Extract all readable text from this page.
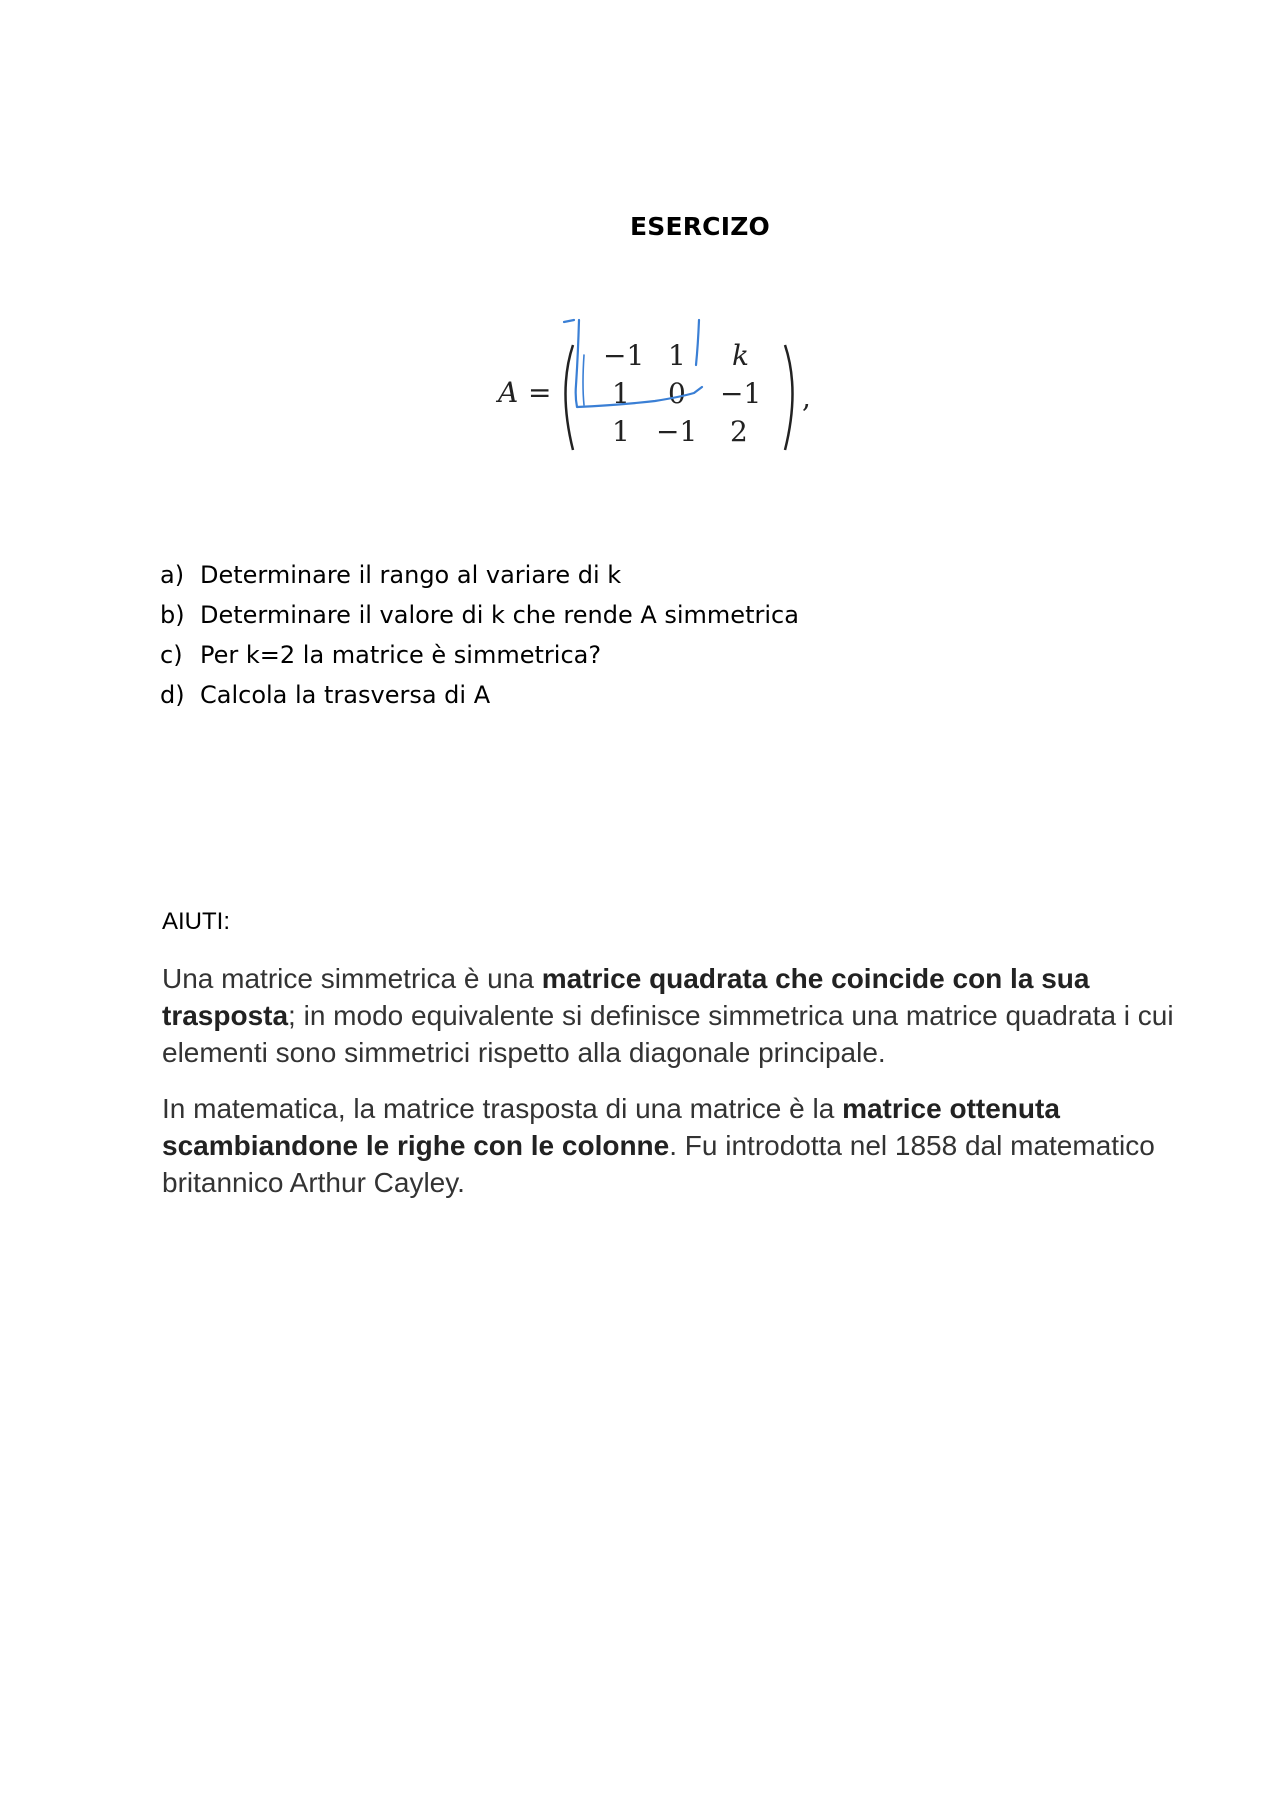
ESERCIZO
A =
−1 1 k
1 0 −1
1 −1 2
,
a) Determinare il rango al variare di k
b) Determinare il valore di k che rende A simmetrica
c) Per k=2 la matrice è simmetrica?
d) Calcola la trasversa di A
AIUTI:

Una matrice simmetrica è una matrice quadrata che coincide con la sua trasposta; in modo equivalente si definisce simmetrica una matrice quadrata i cui elementi sono simmetrici rispetto alla diagonale principale.

In matematica, la matrice trasposta di una matrice è la matrice ottenuta scambiandone le righe con le colonne. Fu introdotta nel 1858 dal matematico britannico Arthur Cayley.
